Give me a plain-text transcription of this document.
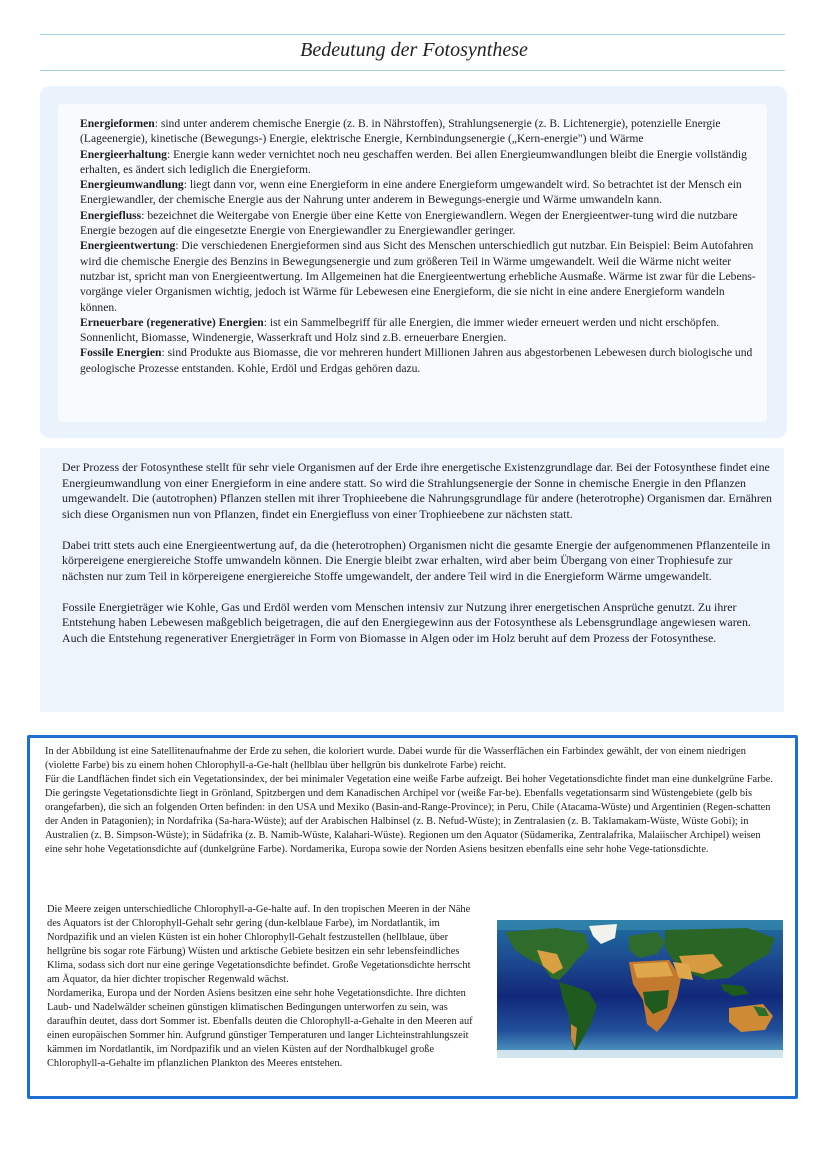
Bedeutung der Fotosynthese

Energieformen: sind unter anderem chemische Energie (z. B. in Nährstoffen), Strahlungsenergie (z. B. Lichtenergie), potenzielle Energie (Lageenergie), kinetische (Bewegungs-) Energie, elektrische Energie, Kernbindungsenergie („Kern-energie") und Wärme

Energieerhaltung: Energie kann weder vernichtet noch neu geschaffen werden. Bei allen Energieumwandlungen bleibt die Energie vollständig erhalten, es ändert sich lediglich die Energieform.

Energieumwandlung: liegt dann vor, wenn eine Energieform in eine andere Energieform umgewandelt wird. So betrachtet ist der Mensch ein Energiewandler, der chemische Energie aus der Nahrung unter anderem in Bewegungs-energie und Wärme umwandeln kann.

Energiefluss: bezeichnet die Weitergabe von Energie über eine Kette von Energiewandlern. Wegen der Energieentwer-tung wird die nutzbare Energie bezogen auf die eingesetzte Energie von Energiewandler zu Energiewandler geringer.

Energieentwertung: Die verschiedenen Energieformen sind aus Sicht des Menschen unterschiedlich gut nutzbar. Ein Beispiel: Beim Autofahren wird die chemische Energie des Benzins in Bewegungsenergie und zum größeren Teil in Wärme umgewandelt. Weil die Wärme nicht weiter nutzbar ist, spricht man von Energieentwertung. Im Allgemeinen hat die Energieentwertung erhebliche Ausmaße. Wärme ist zwar für die Lebens-vorgänge vieler Organismen wichtig, jedoch ist Wärme für Lebewesen eine Energieform, die sie nicht in eine andere Energieform wandeln können.

Erneuerbare (regenerative) Energien: ist ein Sammelbegriff für alle Energien, die immer wieder erneuert werden und nicht erschöpfen. Sonnenlicht, Biomasse, Windenergie, Wasserkraft und Holz sind z.B. erneuerbare Energien.

Fossile Energien: sind Produkte aus Biomasse, die vor mehreren hundert Millionen Jahren aus abgestorbenen Lebewesen durch biologische und geologische Prozesse entstanden. Kohle, Erdöl und Erdgas gehören dazu.

Der Prozess der Fotosynthese stellt für sehr viele Organismen auf der Erde ihre energetische Existenzgrundlage dar. Bei der Fotosynthese findet eine Energieumwandlung von einer Energieform in eine andere statt. So wird die Strahlungsenergie der Sonne in chemische Energie in den Pflanzen umgewandelt. Die (autotrophen) Pflanzen stellen mit ihrer Trophieebene die Nahrungsgrundlage für andere (heterotrophe) Organismen dar. Ernähren sich diese Organismen nun von Pflanzen, findet ein Energiefluss von einer Trophieebene zur nächsten statt.

Dabei tritt stets auch eine Energieentwertung auf, da die (heterotrophen) Organismen nicht die gesamte Energie der aufgenommenen Pflanzenteile in körpereigene energiereiche Stoffe umwandeln können. Die Energie bleibt zwar erhalten, wird aber beim Übergang von einer Trophiesufe zur nächsten nur zum Teil in körpereigene energiereiche Stoffe umgewandelt, der andere Teil wird in die Energieform Wärme umgewandelt.

Fossile Energieträger wie Kohle, Gas und Erdöl werden vom Menschen intensiv zur Nutzung ihrer energetischen Ansprüche genutzt. Zu ihrer Entstehung haben Lebewesen maßgeblich beigetragen, die auf den Energiegewinn aus der Fotosynthese als Lebensgrundlage angewiesen waren. Auch die Entstehung regenerativer Energieträger in Form von Biomasse in Algen oder im Holz beruht auf dem Prozess der Fotosynthese.

In der Abbildung ist eine Satellitenaufnahme der Erde zu sehen, die koloriert wurde. Dabei wurde für die Wasserflächen ein Farbindex gewählt, der von einem niedrigen (violette Farbe) bis zu einem hohen Chlorophyll-a-Ge-halt (hellblau über hellgrün bis dunkelrote Farbe) reicht.

Für die Landflächen findet sich ein Vegetationsindex, der bei minimaler Vegetation eine weiße Farbe aufzeigt. Bei hoher Vegetationsdichte findet man eine dunkelgrüne Farbe. Die geringste Vegetationsdichte liegt in Grönland, Spitzbergen und dem Kanadischen Archipel vor (weiße Far-be). Ebenfalls vegetationsarm sind Wüstengebiete (gelb bis orangefarben), die sich an folgenden Orten befinden: in den USA und Mexiko (Basin-and-Range-Province); in Peru, Chile (Atacama-Wüste) und Argentinien (Regen-schatten der Anden in Patagonien); in Nordafrika (Sa-hara-Wüste); auf der Arabischen Halbinsel (z. B. Nefud-Wüste); in Zentralasien (z. B. Taklamakam-Wüste, Wüste Gobi); in Australien (z. B. Simpson-Wüste); in Südafrika (z. B. Namib-Wüste, Kalahari-Wüste). Regionen um den Aquator (Südamerika, Zentralafrika, Malaiischer Archipel) weisen eine sehr hohe Vegetationsdichte auf (dunkelgrüne Farbe). Nordamerika, Europa sowie der Norden Asiens besitzen ebenfalls eine sehr hohe Vege-tationsdichte.

Die Meere zeigen unterschiedliche Chlorophyll-a-Ge-halte auf. In den tropischen Meeren in der Nähe des Aquators ist der Chlorophyll-Gehalt sehr gering (dun-kelblaue Farbe), im Nordatlantik, im Nordpazifik und an vielen Küsten ist ein hoher Chlorophyll-Gehalt festzustellen (hellblaue, über hellgrüne bis sogar rote Färbung) Wüsten und arktische Gebiete besitzen ein sehr lebensfeindliches Klima, sodass sich dort nur eine geringe Vegetationsdichte befindet. Große Vegetationsdichte herrscht am Äquator, da hier dichter tropischer Regenwald wächst.

Nordamerika, Europa und der Norden Asiens besitzen eine sehr hohe Vegetationsdichte. Ihre dichten Laub- und Nadelwälder scheinen günstigen klimatischen Bedingungen unterworfen zu sein, was daraufhin deutet, dass dort Sommer ist. Ebenfalls deuten die Chlorophyll-a-Gehalte in den Meeren auf einen europäischen Sommer hin. Aufgrund günstiger Temperaturen und langer Lichteinstrahlungszeit kämmen im Nordatlantik, im Nordpazifik und an vielen Küsten auf der Nordhalbkugel große Chlorophyll-a-Gehalte im pflanzlichen Plankton des Meeres entstehen.
